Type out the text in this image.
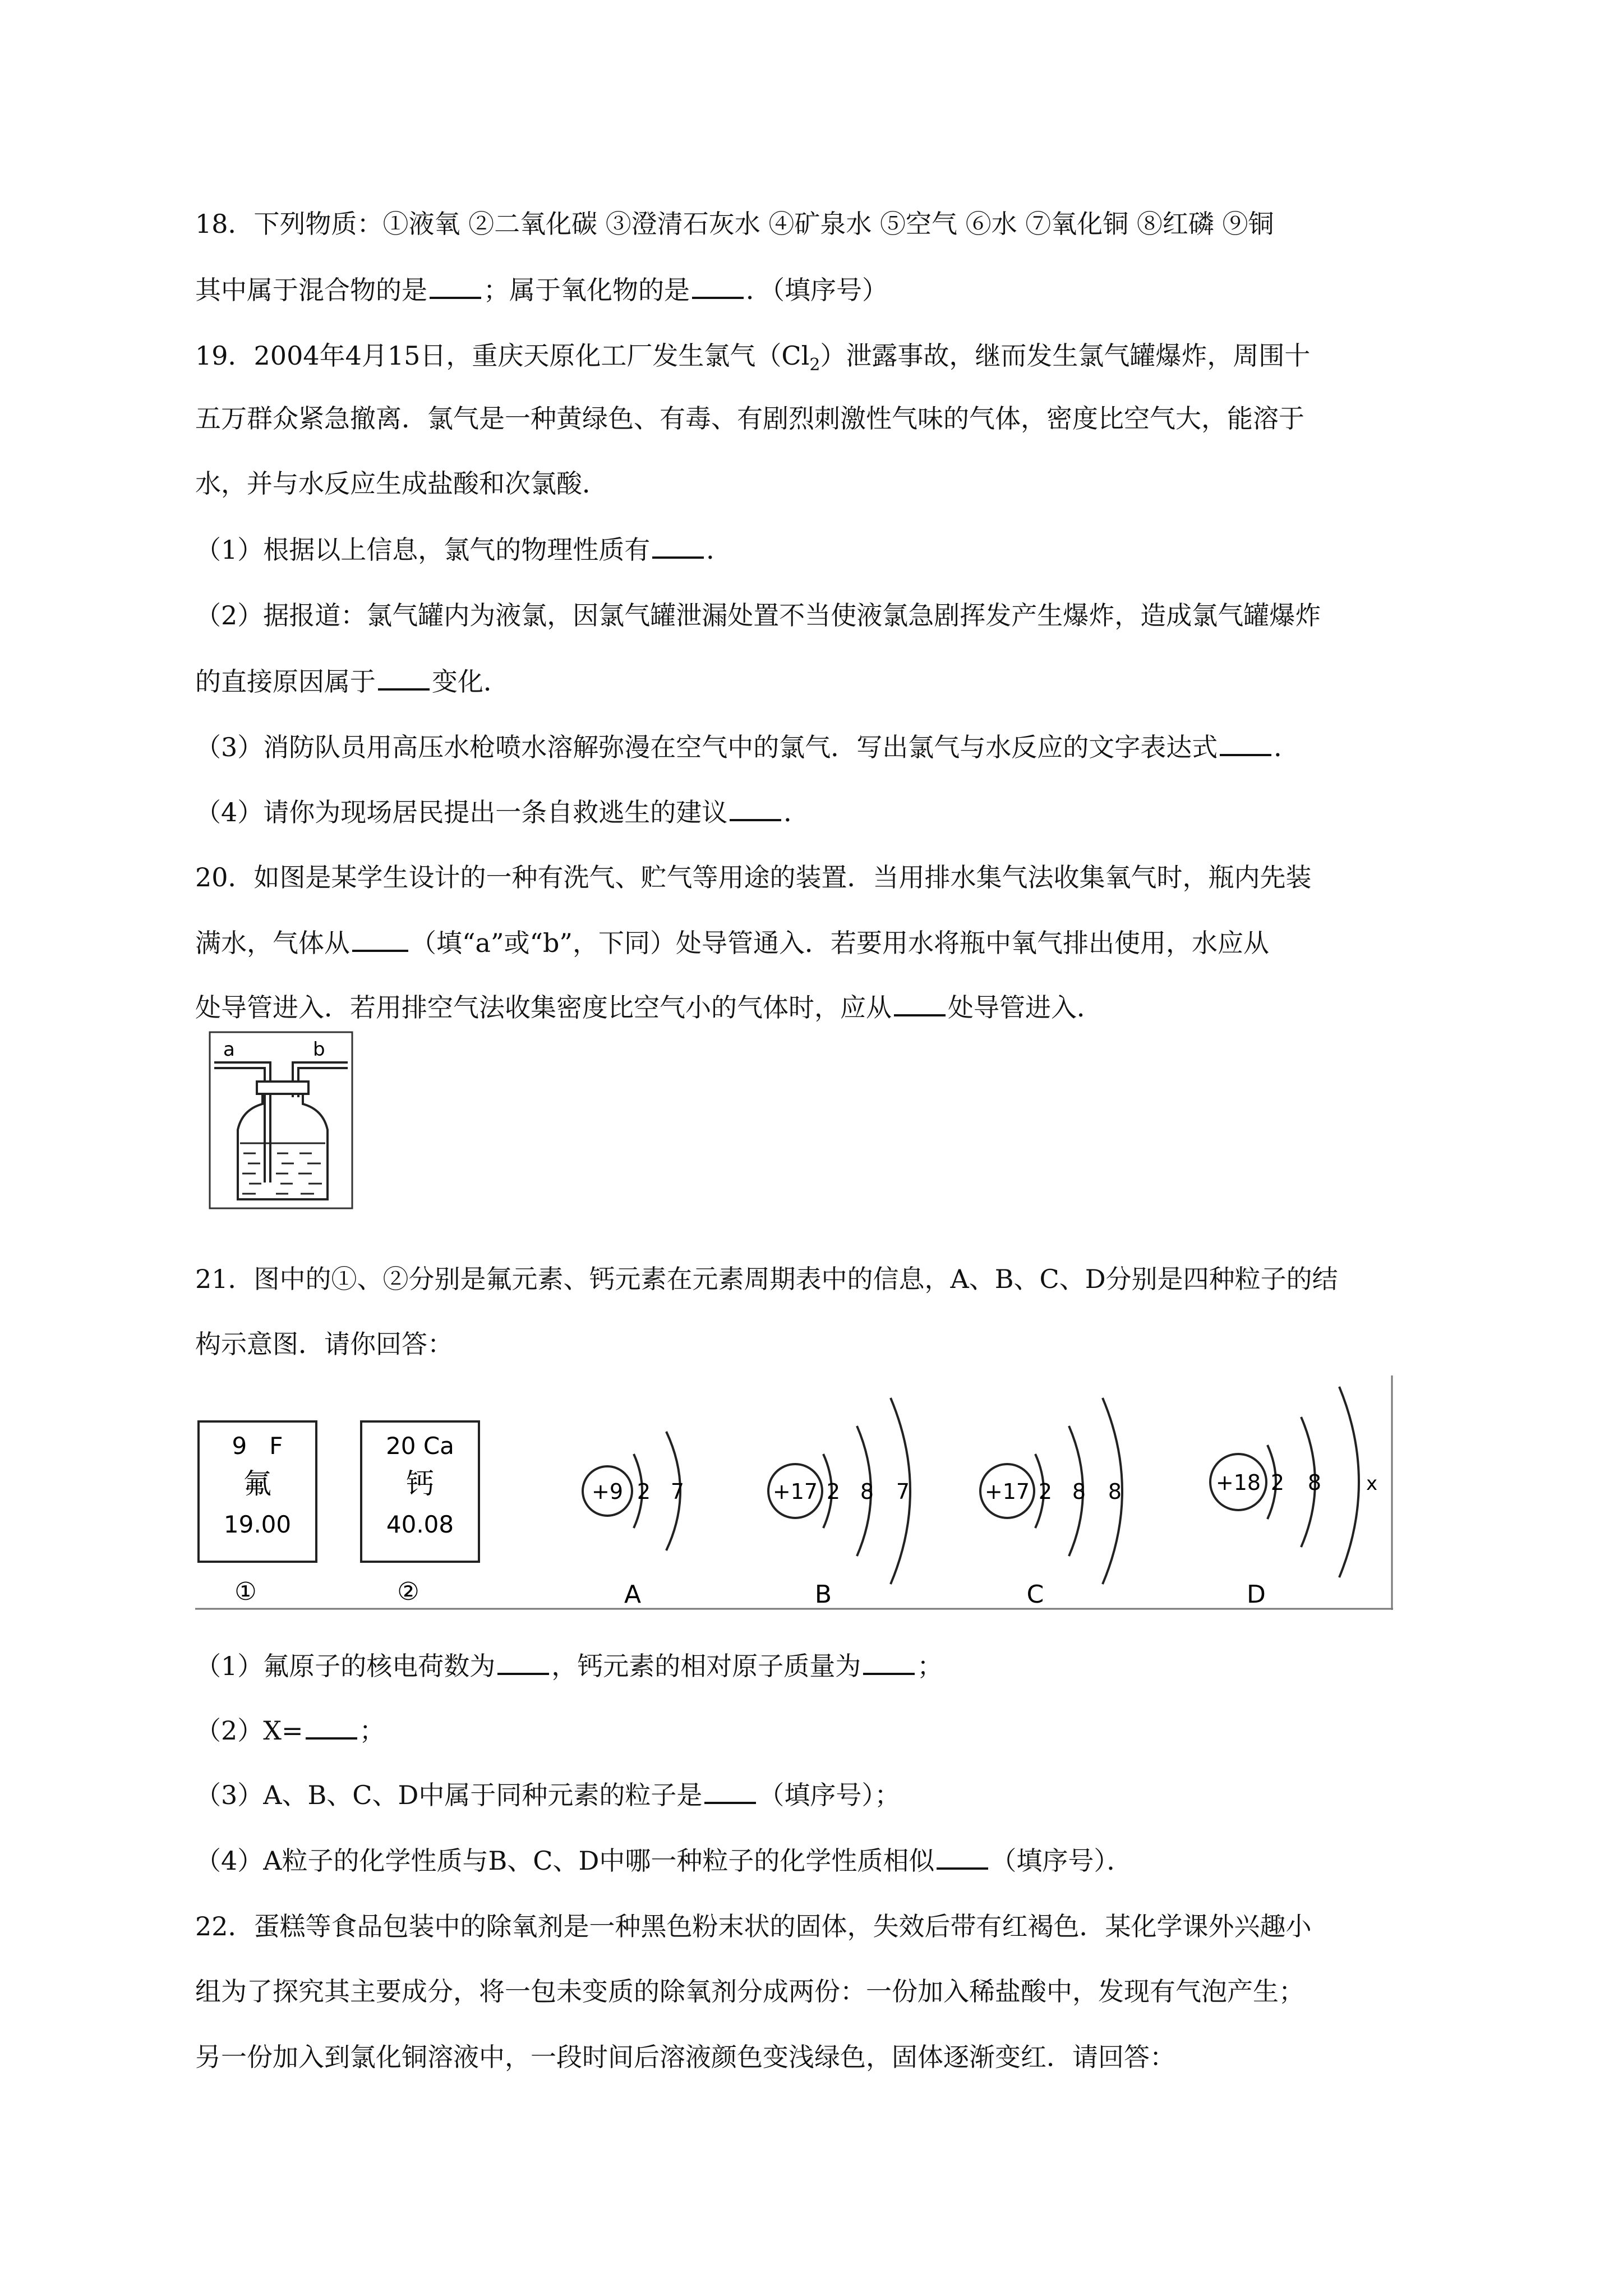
18．下列物质：①液氧 ②二氧化碳 ③澄清石灰水 ④矿泉水 ⑤空气 ⑥水 ⑦氧化铜 ⑧红磷 ⑨铜
其中属于混合物的是 ；属于氧化物的是 ．（填序号）
19．2004年4月15日，重庆天原化工厂发生氯气$(Cl_2)$泄露事故，继而发生氯气罐爆炸，周围十
五万群众紧急撤离．氯气是一种黄绿色、有毒、有剧烈刺激性气味的气体，密度比空气大，能溶于
水，并与水反应生成盐酸和次氯酸．
（1）根据以上信息，氯气的物理性质有 ．
（2）据报道：氯气罐内为液氯，因氯气罐泄漏处置不当使液氯急剧挥发产生爆炸，造成氯气罐爆炸
的直接原因属于 变化．
（3）消防队员用高压水枪喷水溶解弥漫在空气中的氯气．写出氯气与水反应的文字表达式 ．
（4）请你为现场居民提出一条自救逃生的建议 ．
20．如图是某学生设计的一种有洗气、贮气等用途的装置．当用排水集气法收集氧气时，瓶内先装
满水，气体从 （填“a”或“b”，下同）处导管通入．若要用水将瓶中氧气排出使用，水应从
处导管进入．若用排空气法收集密度比空气小的气体时，应从 处导管进入．
a	b
21．图中的①、②分别是氟元素、钙元素在元素周期表中的信息，A、B、C、D分别是四种粒子的结
构示意图．请你回答：
9   F
氟
19.00
①
20 Ca
钙
40.08
②
+9 2 7
A
+17 2 8 7
B
+17 2 8 8
C
+18 2 8 x
D
（1）氟原子的核电荷数为 ，钙元素的相对原子质量为 ；
（2）X= ；
（3）A、B、C、D中属于同种元素的粒子是 （填序号）；
（4）A粒子的化学性质与B、C、D中哪一种粒子的化学性质相似 （填序号）．
22．蛋糕等食品包装中的除氧剂是一种黑色粉末状的固体，失效后带有红褐色．某化学课外兴趣小
组为了探究其主要成分，将一包未变质的除氧剂分成两份：一份加入稀盐酸中，发现有气泡产生；
另一份加入到氯化铜溶液中，一段时间后溶液颜色变浅绿色，固体逐渐变红．请回答：
